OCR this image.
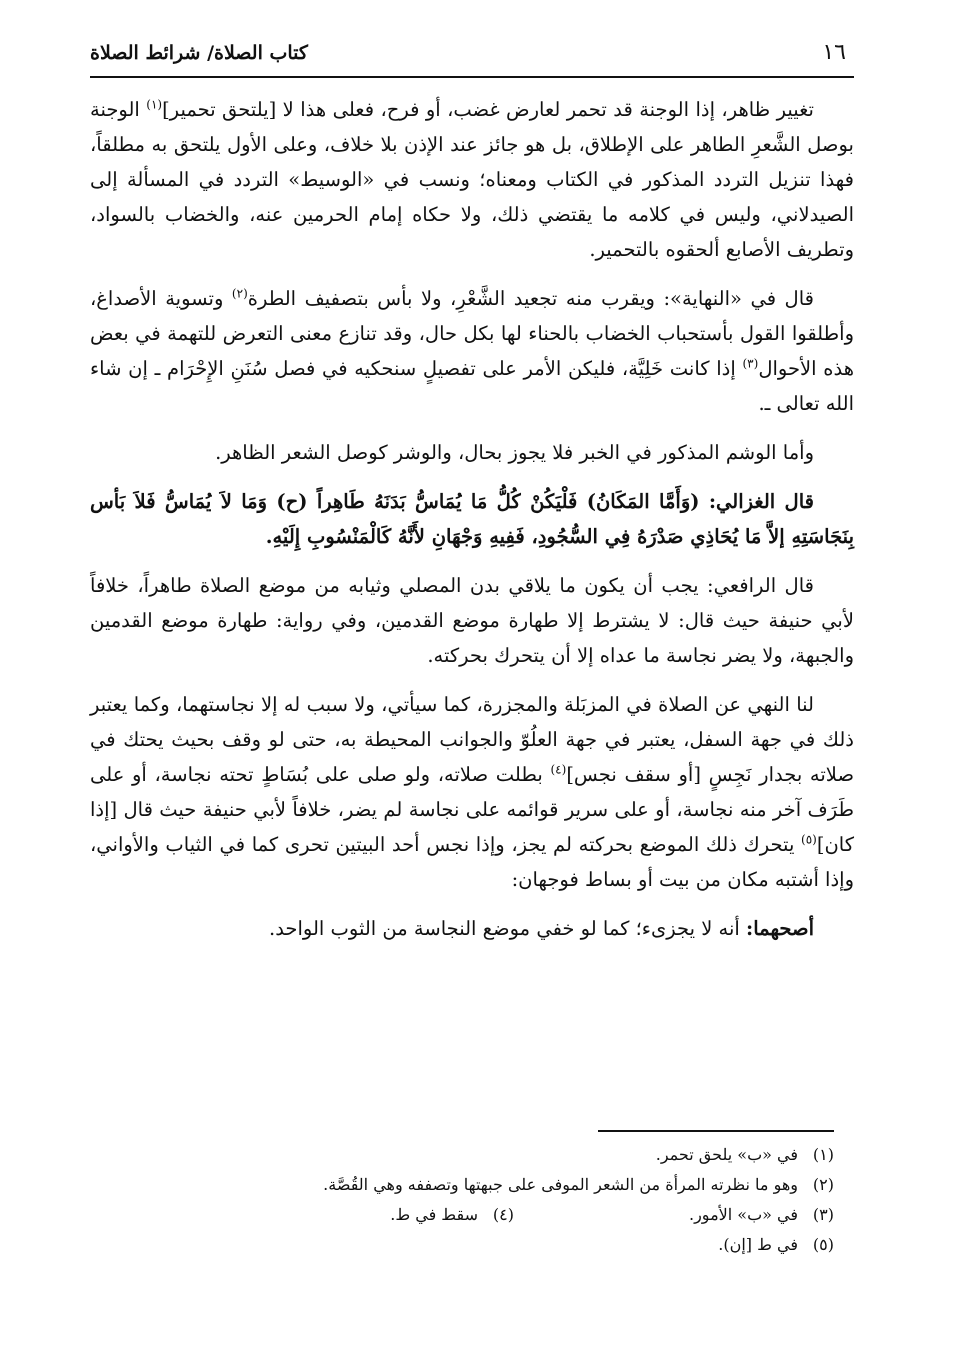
١٦
كتاب الصلاة/ شرائط الصلاة

تغيير ظاهر، إذا الوجنة قد تحمر لعارض غضب، أو فرح، فعلى هذا لا [يلتحق تحمير]$^{(١)}$ الوجنة بوصل الشَّعرِ الطاهر على الإطلاق، بل هو جائز عند الإذن بلا خلاف، وعلى الأول يلتحق به مطلقاً، فهذا تنزيل التردد المذكور في الكتاب ومعناه؛ ونسب في «الوسيط» التردد في المسألة إلى الصيدلاني، وليس في كلامه ما يقتضي ذلك، ولا حكاه إمام الحرمين عنه، والخضاب بالسواد، وتطريف الأصابع ألحقوه بالتحمير.

قال في «النهاية»: ويقرب منه تجعيد الشَّعْرِ، ولا بأس بتصفيف الطرة$^{(٢)}$ وتسوية الأصداغ، وأطلقوا القول بأستحباب الخضاب بالحناء لها بكل حال، وقد تنازع معنى التعرض للتهمة في بعض هذه الأحوال$^{(٣)}$ إذا كانت خَلِيَّة، فليكن الأمر على تفصيلٍ سنحكيه في فصل سُنَنِ الإِحْرَام ـ إن شاء الله تعالى ـ.

وأما الوشم المذكور في الخبر فلا يجوز بحال، والوشر كوصل الشعر الظاهر.

قال الغزالي: (وَأَمَّا المَكَانُ) فَلْيَكُنْ كُلُّ مَا يُمَاسُّ بَدَنَهُ طَاهِراً (ح) وَمَا لاَ يُمَاسُّ فَلاَ بَأس بِنَجَاسَتِهِ إلاَّ مَا يُحَاذِي صَدْرَهُ فِي السُّجُودِ، فَفِيهِ وَجْهَانِ لأَنَّهُ كَالْمَنْسُوبِ إِلَيْهِ.

قال الرافعي: يجب أن يكون ما يلاقي بدن المصلي وثيابه من موضع الصلاة طاهراً، خلافاً لأبي حنيفة حيث قال: لا يشترط إلا طهارة موضع القدمين، وفي رواية: طهارة موضع القدمين والجبهة، ولا يضر نجاسة ما عداه إلا أن يتحرك بحركته.

لنا النهي عن الصلاة في المزبَلة والمجزرة، كما سيأتي، ولا سبب له إلا نجاستهما، وكما يعتبر ذلك في جهة السفل، يعتبر في جهة العلُوّ والجوانب المحيطة به، حتى لو وقف بحيث يحتك في صلاته بجدار نَجِسٍ [أو سقف نجس]$^{(٤)}$ بطلت صلاته، ولو صلى على بُسَاطٍ تحته نجاسة، أو على طَرَف آخر منه نجاسة، أو على سرير قوائمه على نجاسة لم يضر، خلافاً لأبي حنيفة حيث قال [إذا كان]$^{(٥)}$ يتحرك ذلك الموضع بحركته لم يجز، وإذا نجس أحد البيتين تحرى كما في الثياب والأواني، وإذا أشتبه مكان من بيت أو بساط فوجهان:

أصحهما: أنه لا يجزىء؛ كما لو خفي موضع النجاسة من الثوب الواحد.

(١)في «ب» يلحق تحمر.
(٢)وهو ما نظرته المرأة من الشعر الموفى على جبهتها وتصففه وهي القُصَّة.
(٣)في «ب» الأمور.
(٤)سقط في ط.
(٥)في ط [إن).
